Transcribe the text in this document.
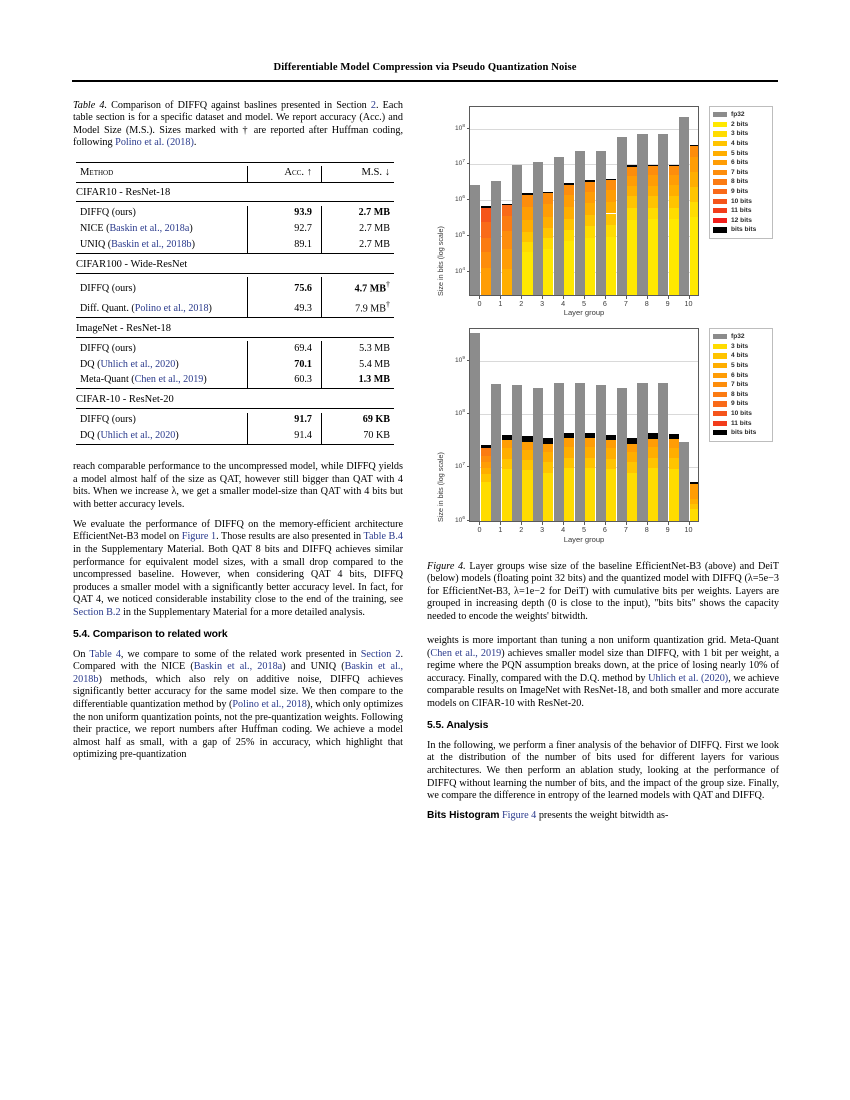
Differentiable Model Compression via Pseudo Quantization Noise
Table 4. Comparison of DIFFQ against baslines presented in Section 2. Each table section is for a specific dataset and model. We report accuracy (Acc.) and Model Size (M.S.). Sizes marked with † are reported after Huffman coding, following Polino et al. (2018).

Method	Acc. ↑	M.S. ↓

CIFAR10 - ResNet-18		

DIFFQ (ours)	93.9	2.7 MB
NICE (Baskin et al., 2018a)	92.7	2.7 MB
UNIQ (Baskin et al., 2018b)	89.1	2.7 MB

CIFAR100 - Wide-ResNet		

DIFFQ (ours)	75.6	4.7 MB†
Diff. Quant. (Polino et al., 2018)	49.3	7.9 MB†

ImageNet - ResNet-18		

DIFFQ (ours)	69.4	5.3 MB
DQ (Uhlich et al., 2020)	70.1	5.4 MB
Meta-Quant (Chen et al., 2019)	60.3	1.3 MB

CIFAR-10 - ResNet-20		

DIFFQ (ours)	91.7	69 KB
DQ (Uhlich et al., 2020)	91.4	70 KB

reach comparable performance to the uncompressed model, while DIFFQ yields a model almost half of the size as QAT, however still bigger than QAT with 4 bits. When we increase λ, we get a smaller model-size than QAT with 4 bits but with better accuracy levels.

We evaluate the performance of DIFFQ on the memory-efficient architecture EfficientNet-B3 model on Figure 1. Those results are also presented in Table B.4 in the Supplementary Material. Both QAT 8 bits and DIFFQ achieves similar performance for equivalent model sizes, with a small drop compared to the uncompressed baseline. However, when considering QAT 4 bits, DIFFQ produces a smaller model with a significantly better accuracy level. In fact, for QAT 4, we noticed considerable instability close to the end of the training, see Section B.2 in the Supplementary Material for a more detailed analysis.

5.4. Comparison to related work

On Table 4, we compare to some of the related work presented in Section 2. Compared with the NICE (Baskin et al., 2018a) and UNIQ (Baskin et al., 2018b) methods, which also rely on additive noise, DIFFQ achieves significantly better accuracy for the same model size. We then compare to the differentiable quantization method by (Polino et al., 2018), which only optimizes the non uniform quantization points, not the pre-quantization weights. Following their practice, we report numbers after Huffman coding. We achieve a model almost half as small, with a gap of 25% in accuracy, which highlight that optimizing pre-quantization

Size in bits (log scale)	$10^4$
$10^5$
$10^6$
$10^7$
$10^8$
0	1	2	3	4	5	6	7	8	9	10
Layer group
fp32
2 bits
3 bits
4 bits
5 bits
6 bits
7 bits
8 bits
9 bits
10 bits
11 bits
12 bits
bits bits
Size in bits (log scale)	$10^6$
$10^7$
$10^8$
$10^9$
0	1	2	3	4	5	6	7	8	9	10
Layer group
fp32
3 bits
4 bits
5 bits
6 bits
7 bits
8 bits
9 bits
10 bits
11 bits
bits bits
Figure 4. Layer groups wise size of the baseline EfficientNet-B3 (above) and DeiT (below) models (floating point 32 bits) and the quantized model with DIFFQ (λ=5e−3 for EfficientNet-B3, λ=1e−2 for DeiT) with cumulative bits per weights. Layers are grouped in increasing depth (0 is close to the input), "bits bits" shows the capacity needed to encode the weights' bitwidth.

weights is more important than tuning a non uniform quantization grid. Meta-Quant (Chen et al., 2019) achieves smaller model size than DIFFQ, with 1 bit per weight, a regime where the PQN assumption breaks down, at the price of losing nearly 10% of accuracy. Finally, compared with the D.Q. method by Uhlich et al. (2020), we achieve comparable results on ImageNet with ResNet-18, and both smaller and more accurate models on CIFAR-10 with ResNet-20.

5.5. Analysis

In the following, we perform a finer analysis of the behavior of DIFFQ. First we look at the distribution of the number of bits used for different layers for various architectures. We then perform an ablation study, looking at the performance of DIFFQ without learning the number of bits, and the impact of the group size. Finally, we compare the difference in entropy of the learned models with QAT and DIFFQ.

Bits Histogram Figure 4 presents the weight bitwidth as-
